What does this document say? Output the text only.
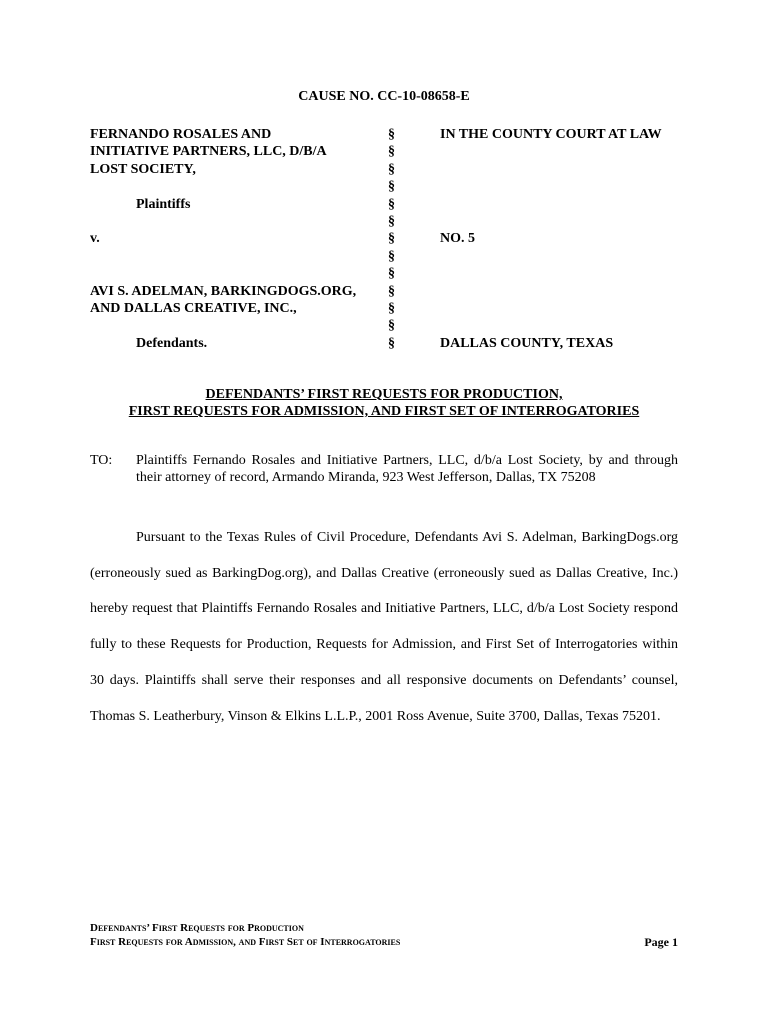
CAUSE NO. CC-10-08658-E
FERNANDO ROSALES AND
INITIATIVE PARTNERS, LLC, D/B/A
LOST SOCIETY,
Plaintiffs
v.
AVI S. ADELMAN, BARKINGDOGS.ORG,
AND DALLAS CREATIVE, INC.,
Defendants.
§
§
§
§
§
§
§
§
§
§
§
§
§
IN THE COUNTY COURT AT LAW
NO. 5
DALLAS COUNTY, TEXAS
DEFENDANTS’ FIRST REQUESTS FOR PRODUCTION,
FIRST REQUESTS FOR ADMISSION, AND FIRST SET OF INTERROGATORIES
TO: Plaintiffs Fernando Rosales and Initiative Partners, LLC, d/b/a Lost Society, by and through their attorney of record, Armando Miranda, 923 West Jefferson, Dallas, TX 75208
Pursuant to the Texas Rules of Civil Procedure, Defendants Avi S. Adelman, BarkingDogs.org (erroneously sued as BarkingDog.org), and Dallas Creative (erroneously sued as Dallas Creative, Inc.) hereby request that Plaintiffs Fernando Rosales and Initiative Partners, LLC, d/b/a Lost Society respond fully to these Requests for Production, Requests for Admission, and First Set of Interrogatories within 30 days. Plaintiffs shall serve their responses and all responsive documents on Defendants’ counsel, Thomas S. Leatherbury, Vinson & Elkins L.L.P., 2001 Ross Avenue, Suite 3700, Dallas, Texas 75201.
Defendants’ First Requests for Production
First Requests for Admission, and First Set of Interrogatories	Page 1
